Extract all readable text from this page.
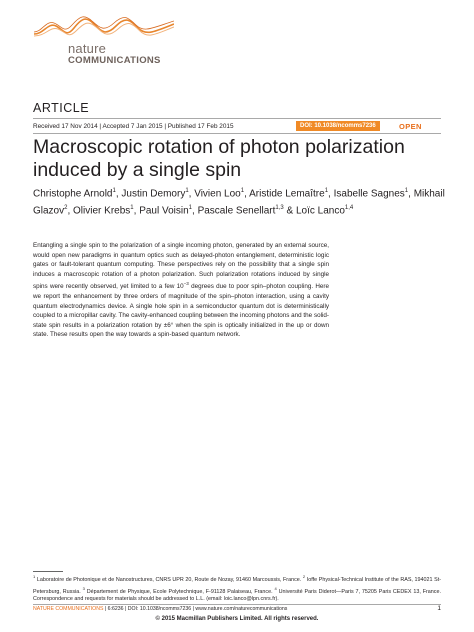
nature
COMMUNICATIONS
ARTICLE
Received 17 Nov 2014 | Accepted 7 Jan 2015 | Published 17 Feb 2015	DOI: 10.1038/ncomms7236	OPEN
Macroscopic rotation of photon polarization induced by a single spin
Christophe Arnold$^1$, Justin Demory$^1$, Vivien Loo$^1$, Aristide Lemaître$^1$, Isabelle Sagnes$^1$, Mikhail Glazov$^2$, Olivier Krebs$^1$, Paul Voisin$^1$, Pascale Senellart$^{1,3}$ & Loïc Lanco$^{1,4}$
Entangling a single spin to the polarization of a single incoming photon, generated by an external source, would open new paradigms in quantum optics such as delayed-photon entanglement, deterministic logic gates or fault-tolerant quantum computing. These perspectives rely on the possibility that a single spin induces a macroscopic rotation of a photon polarization. Such polarization rotations induced by single spins were recently observed, yet limited to a few $10^{-3}$ degrees due to poor spin–photon coupling. Here we report the enhancement by three orders of magnitude of the spin–photon interaction, using a cavity quantum electrodynamics device. A single hole spin in a semiconductor quantum dot is deterministically coupled to a micropillar cavity. The cavity-enhanced coupling between the incoming photons and the solid-state spin results in a polarization rotation by ±6° when the spin is optically initialized in the up or down state. These results open the way towards a spin-based quantum network.
$^1$ Laboratoire de Photonique et de Nanostructures, CNRS UPR 20, Route de Nozay, 91460 Marcoussis, France. $^2$ Ioffe Physical-Technical Institute of the RAS, 194021 St-Petersburg, Russia. $^3$ Département de Physique, Ecole Polytechnique, F-91128 Palaiseau, France. $^4$ Université Paris Diderot—Paris 7, 75205 Paris CEDEX 13, France. Correspondence and requests for materials should be addressed to L.L. (email: loic.lanco@lpn.cnrs.fr).
NATURE COMMUNICATIONS | 6:6236 | DOI: 10.1038/ncomms7236 | www.nature.com/naturecommunications	1
© 2015 Macmillan Publishers Limited. All rights reserved.
